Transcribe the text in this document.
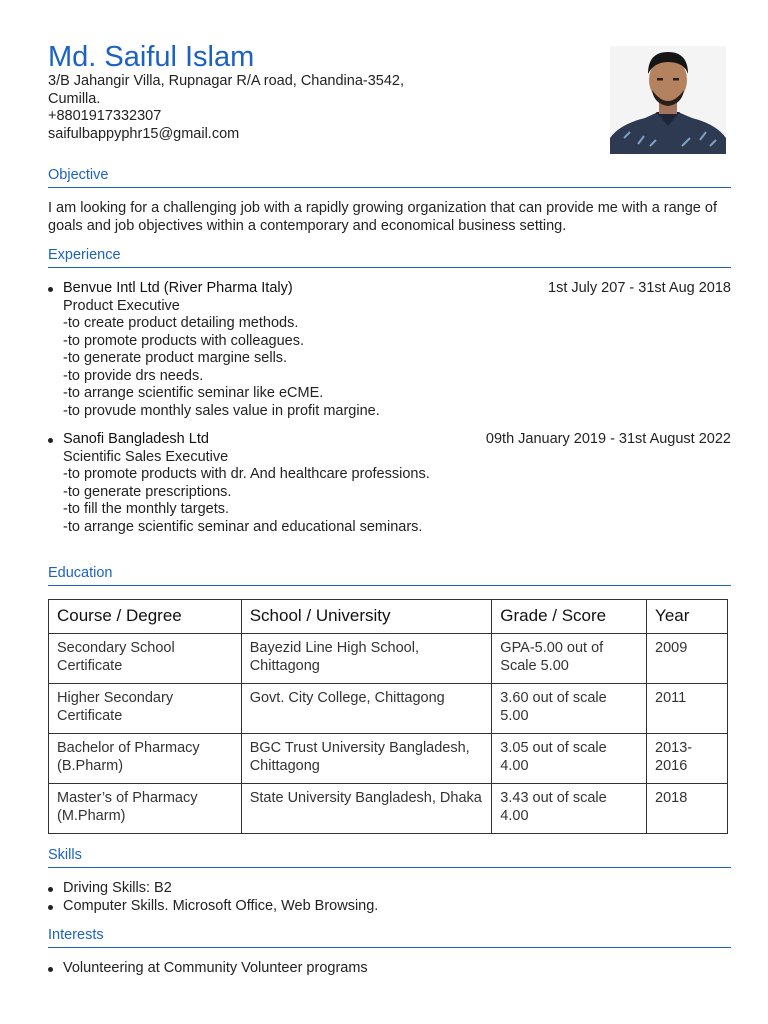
Md. Saiful Islam
3/B Jahangir Villa, Rupnagar R/A road, Chandina-3542,
Cumilla.
+8801917332307
saifulbappyphr15@gmail.com
Objective
I am looking for a challenging job with a rapidly growing organization that can provide me with a range of goals and job objectives within a contemporary and economical business setting.
Experience
Benvue Intl Ltd (River Pharma Italy)	1st July 207 - 31st Aug 2018
Product Executive
-to create product detailing methods.
-to promote products with colleagues.
-to generate product margine sells.
-to provide drs needs.
-to arrange scientific seminar like eCME.
-to provude monthly sales value in profit margine.
Sanofi Bangladesh Ltd	09th January 2019 - 31st August 2022
Scientific Sales Executive
-to promote products with dr. And healthcare professions.
-to generate prescriptions.
-to fill the monthly targets.
-to arrange scientific seminar and educational seminars.
Education
Course / Degree	School / University	Grade / Score	Year
Secondary School Certificate	Bayezid Line High School, Chittagong	GPA-5.00 out of Scale 5.00	2009
Higher Secondary Certificate	Govt. City College, Chittagong	3.60 out of scale 5.00	2011
Bachelor of Pharmacy (B.Pharm)	BGC Trust University Bangladesh, Chittagong	3.05 out of scale 4.00	2013-2016
Master’s of Pharmacy (M.Pharm)	State University Bangladesh, Dhaka	3.43 out of scale 4.00	2018
Skills
Driving Skills: B2
Computer Skills. Microsoft Office, Web Browsing.
Interests
Volunteering at Community Volunteer programs
